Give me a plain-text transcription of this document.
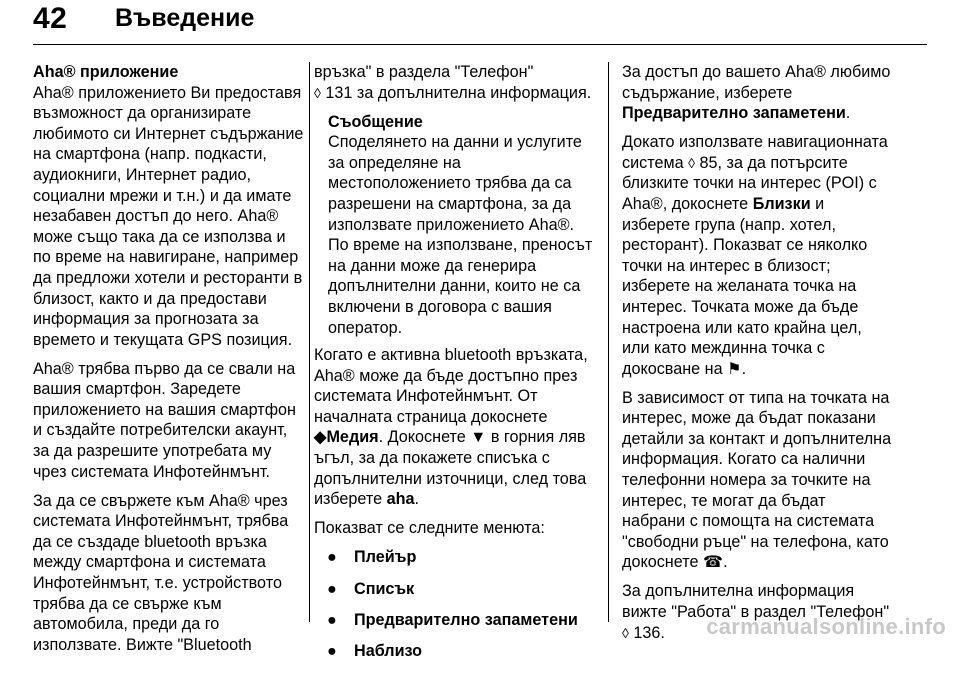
42 Въведение

Aha® приложение

Aha® приложението Ви предоставя възможност да организирате любимото си Интернет съдържание на смартфона (напр. подкасти, аудиокниги, Интернет радио, социални мрежи и т.н.) и да имате незабавен достъп до него. Aha® може също така да се използва и по време на навигиране, например да предложи хотели и ресторанти в близост, както и да предостави информация за прогнозата за времето и текущата GPS позиция.

Aha® трябва първо да се свали на вашия смартфон. Заредете приложението на вашия смартфон и създайте потребителски акаунт, за да разрешите употребата му чрез системата Инфотейнмънт.

За да се свържете към Aha® чрез системата Инфотейнмънт, трябва да се създаде bluetooth връзка между смартфона и системата Инфотейнмънт, т.е. устройството трябва да се свърже към автомобила, преди да го използвате. Вижте "Bluetooth

връзка" в раздела "Телефон"
◊ 131 за допълнителна информация.

Съобщение
Споделянето на данни и услугите за определяне на местоположението трябва да са разрешени на смартфона, за да използвате приложението Aha®. По време на използване, преносът на данни може да генерира допълнителни данни, които не са включени в договора с вашия оператор.

Когато е активна bluetooth връзката, Aha® може да бъде достъпно през системата Инфотейнмънт. От началната страница докоснете ◆Медия. Докоснете ▼ в горния ляв ъгъл, за да покажете списъка с допълнителни източници, след това изберете aha.

Показват се следните менюта:

● Плейър
● Списък
● Предварително запаметени
● Наблизо

За достъп до вашето Aha® любимо съдържание, изберете Предварително запаметени.

Докато използвате навигационната система ◊ 85, за да потърсите близките точки на интерес (POI) с Aha®, докоснете Близки и изберете група (напр. хотел, ресторант). Показват се няколко точки на интерес в близост; изберете на желаната точка на интерес. Точката може да бъде настроена или като крайна цел, или като междинна точка с докосване на ⚑.

В зависимост от типа на точката на интерес, може да бъдат показани детайли за контакт и допълнителна информация. Когато са налични телефонни номера за точките на интерес, те могат да бъдат набрани с помощта на системата "свободни ръце" на телефона, като докоснете ☎.

За допълнителна информация вижте "Работа" в раздел "Телефон" ◊ 136.	carmanualsonline.info
